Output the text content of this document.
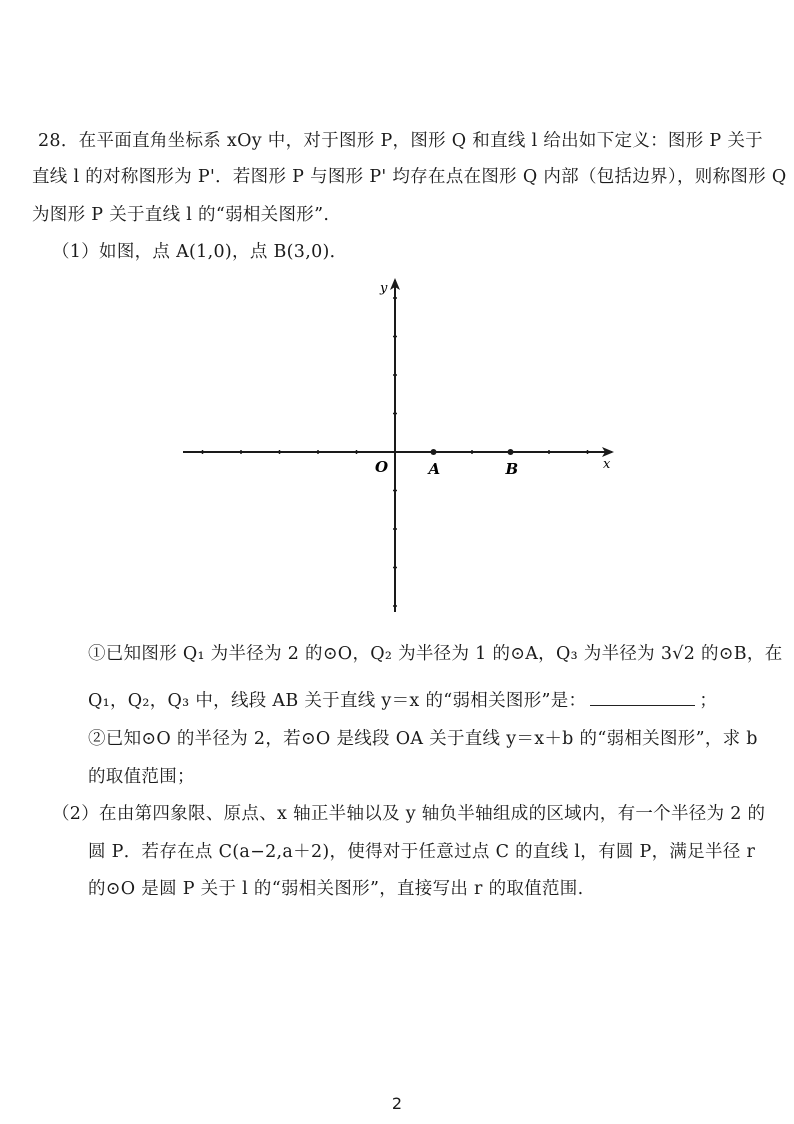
28．在平面直角坐标系 xOy 中，对于图形 P，图形 Q 和直线 l 给出如下定义：图形 P 关于
直线 l 的对称图形为 P'．若图形 P 与图形 P' 均存在点在图形 Q 内部（包括边界），则称图形 Q
为图形 P 关于直线 l 的“弱相关图形”.
（1）如图，点 A(1,0)，点 B(3,0)．
A	B	x
y
O
①已知图形 Q₁ 为半径为 2 的⊙O，Q₂ 为半径为 1 的⊙A，Q₃ 为半径为 3√2 的⊙B，在
Q₁，Q₂，Q₃ 中，线段 AB 关于直线 y＝x 的“弱相关图形”是：	；
②已知⊙O 的半径为 2，若⊙O 是线段 OA 关于直线 y＝x＋b 的“弱相关图形”，求 b
的取值范围；
（2）在由第四象限、原点、x 轴正半轴以及 y 轴负半轴组成的区域内，有一个半径为 2 的
圆 P．若存在点 C(a−2,a＋2)，使得对于任意过点 C 的直线 l，有圆 P，满足半径 r
的⊙O 是圆 P 关于 l 的“弱相关图形”，直接写出 r 的取值范围.
2
